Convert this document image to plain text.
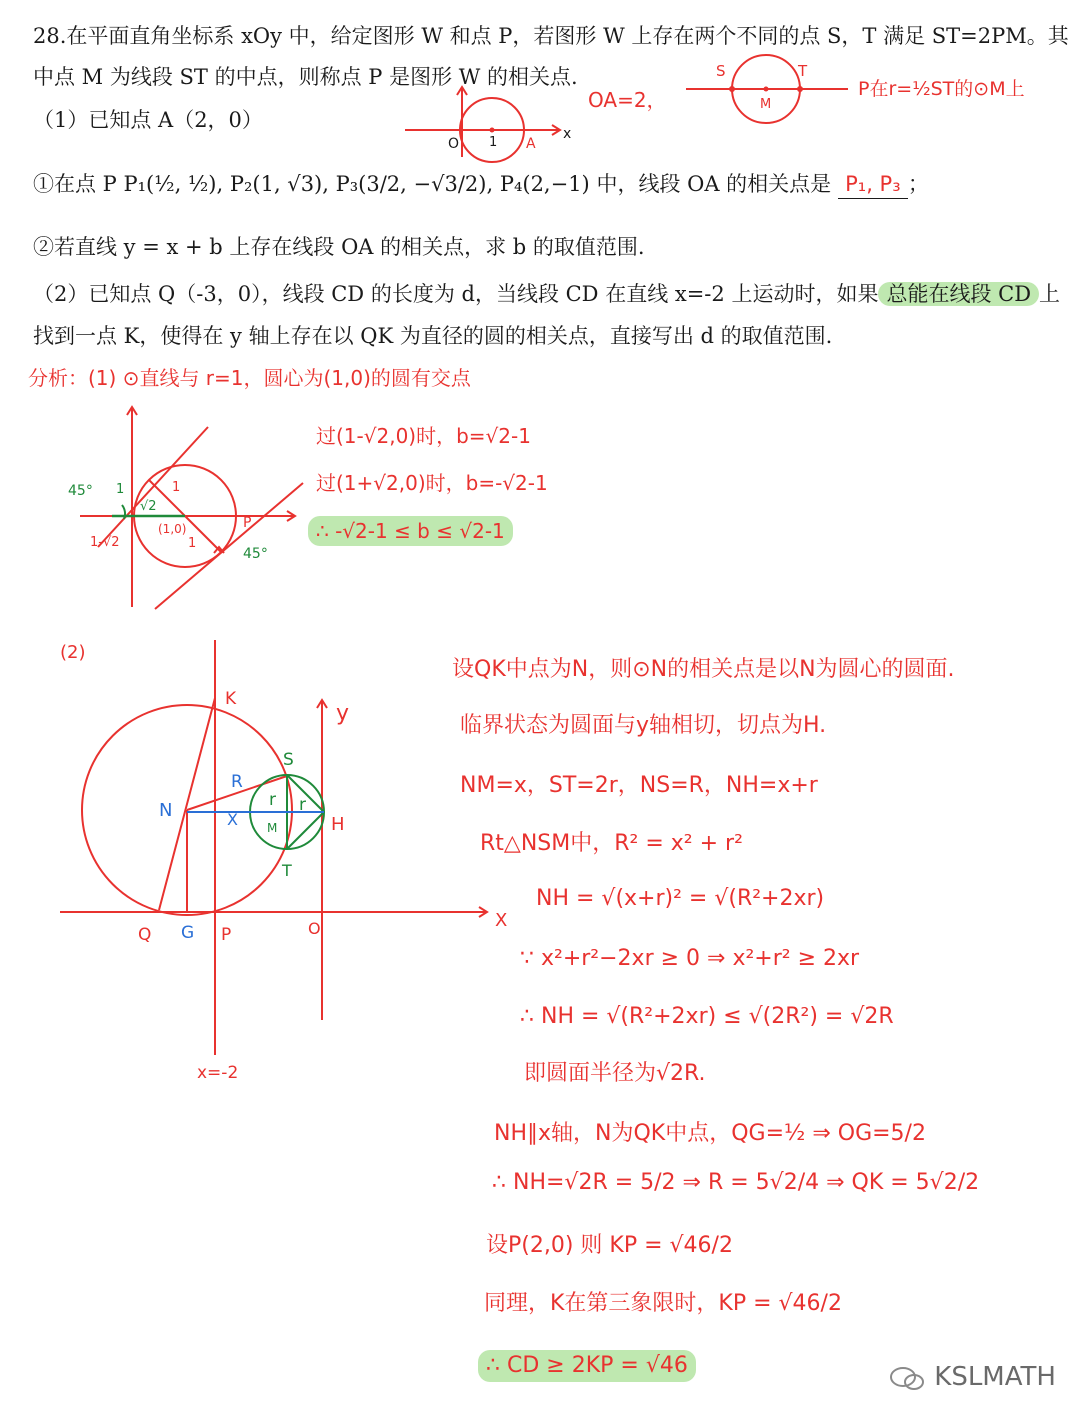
28.在平面直角坐标系 xOy 中，给定图形 W 和点 P，若图形 W 上存在两个不同的点 S，T 满足 ST=2PM。其
中点 M 为线段 ST 的中点，则称点 P 是图形 W 的相关点.
（1）已知点 A（2，0）
①在点 P P₁(½, ½), P₂(1, √3), P₃(3/2, −√3/2), P₄(2,−1) 中，线段 OA 的相关点是 P₁, P₃ ；
②若直线 y = x + b 上存在线段 OA 的相关点，求 b 的取值范围.
（2）已知点 Q（-3，0），线段 CD 的长度为 d，当线段 CD 在直线 x=-2 上运动时，如果 总能在线段 CD 上
找到一点 K，使得在 y 轴上存在以 QK 为直径的圆的相关点，直接写出 d 的取值范围.
OA=2，
O 1 A
x
S	T
M
P在r=½ST的⊙M上
分析：(1) ⊙直线与 r=1，圆心为(1,0)的圆有交点
45°
45°
1	1
1
√2
1-√2
(1,0)	P
过(1-√2,0)时，b=√2-1
过(1+√2,0)时，b=-√2-1
∴ -√2-1 ≤ b ≤ √2-1
(2)
K
S
y
R
N	X
r r
M	H
T
Q G P	O	X
x=-2
设QK中点为N，则⊙N的相关点是以N为圆心的圆面.
临界状态为圆面与y轴相切，切点为H.
NM=x，ST=2r，NS=R，NH=x+r
Rt△NSM中，R² = x² + r²
NH = √(x+r)² = √(R²+2xr)
∵ x²+r²−2xr ≥ 0 ⇒ x²+r² ≥ 2xr
∴ NH = √(R²+2xr) ≤ √(2R²) = √2R
即圆面半径为√2R.
NH∥x轴，N为QK中点，QG=½ ⇒ OG=5/2
∴ NH=√2R = 5/2 ⇒ R = 5√2/4 ⇒ QK = 5√2/2
设P(2,0) 则 KP = √46/2
同理，K在第三象限时，KP = √46/2
∴ CD ≥ 2KP = √46	KSLMATH
